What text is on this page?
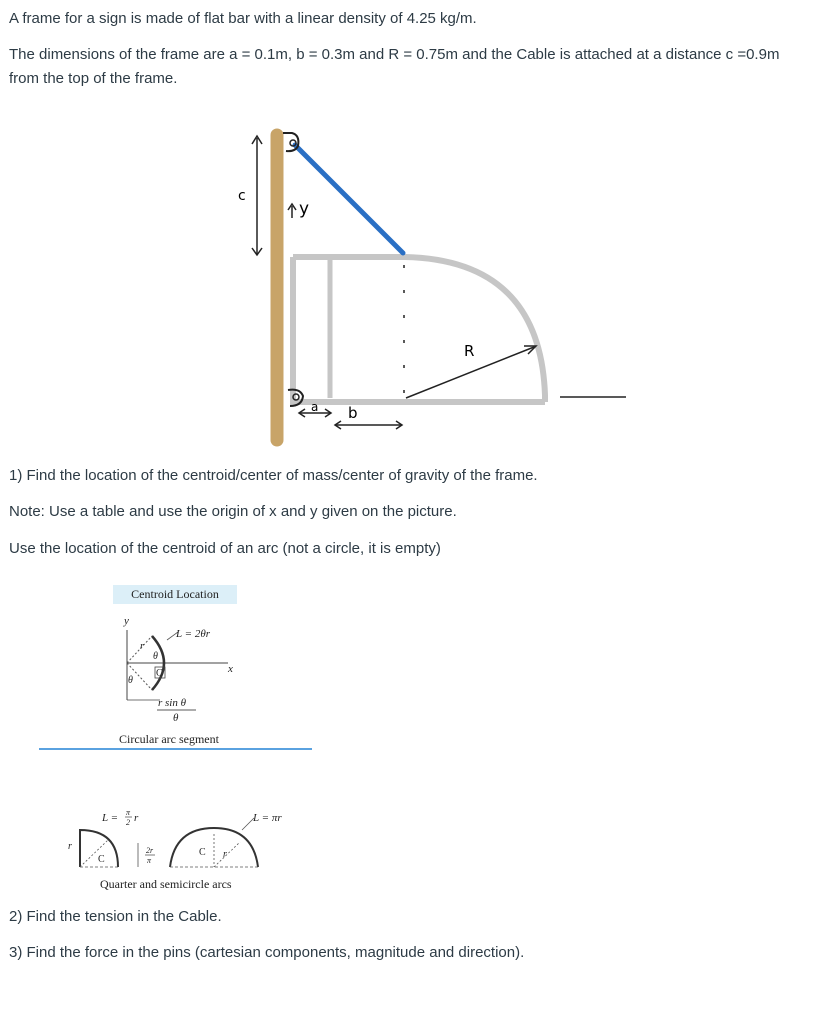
A frame for a sign is made of flat bar with a linear density of 4.25 kg/m.

The dimensions of the frame are a = 0.1m, b = 0.3m and R = 0.75m and the Cable is attached at a distance c =0.9m

from the top of the frame.

c
y
R
a b

1) Find the location of the centroid/center of mass/center of gravity of the frame.

Note: Use a table and use the origin of x and y given on the picture.

Use the location of the centroid of an arc (not a circle, it is empty)

Centroid Location
y
x
r
θ
θ
C
L = 2θr
r sin θ
θ
Circular arc segment
L = π
2 r
r
C
2r
π
C r
L = πr
Quarter and semicircle arcs

2) Find the tension in the Cable.

3) Find the force in the pins (cartesian components, magnitude and direction).
